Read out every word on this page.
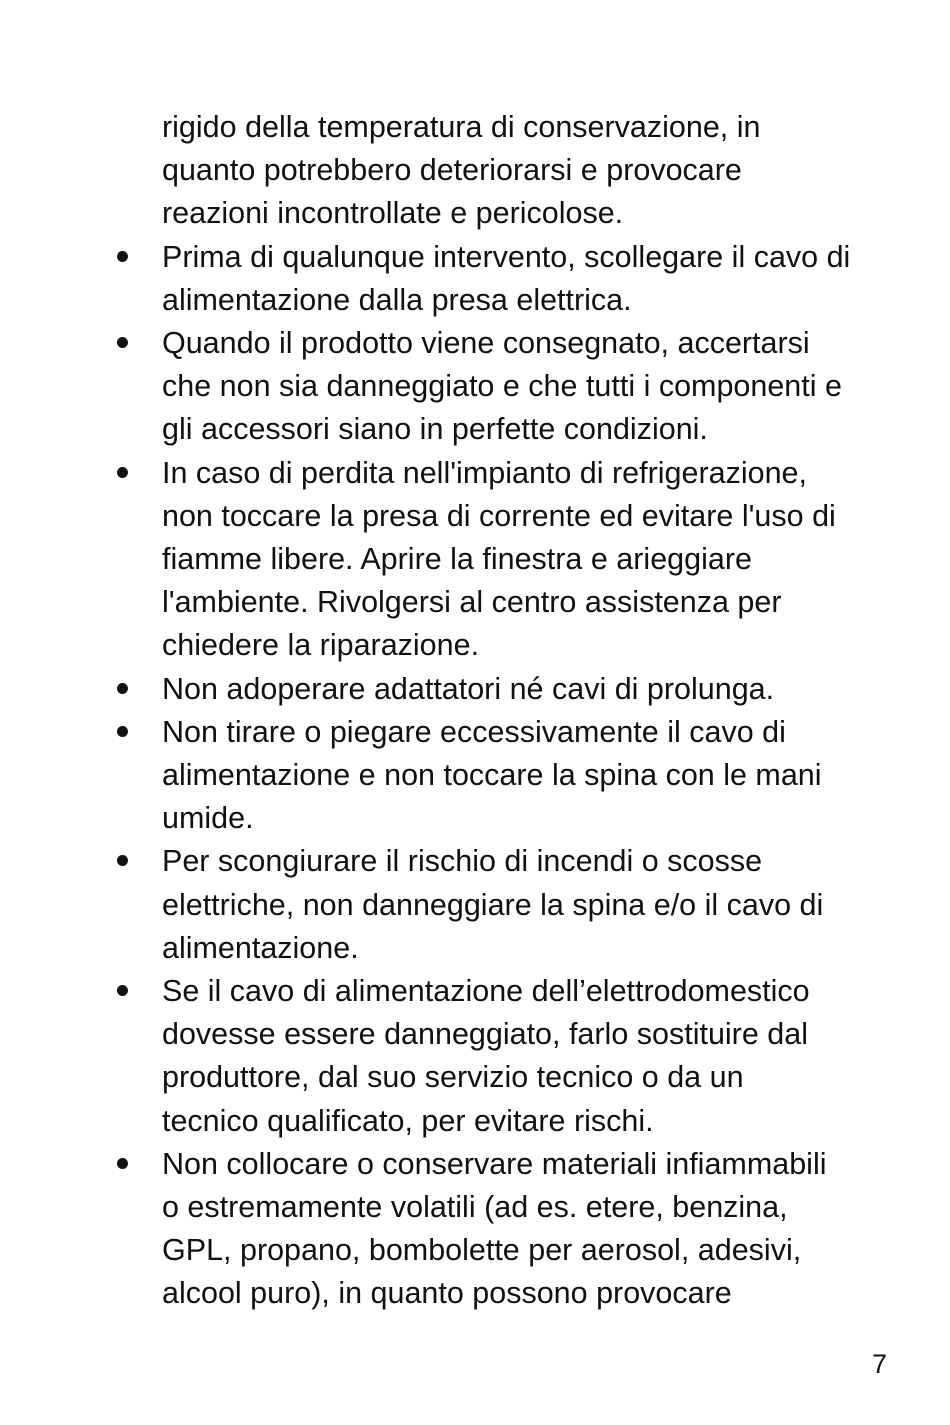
rigido della temperatura di conservazione, in
quanto potrebbero deteriorarsi e provocare
reazioni incontrollate e pericolose.

Prima di qualunque intervento, scollegare il cavo di
alimentazione dalla presa elettrica.
Quando il prodotto viene consegnato, accertarsi
che non sia danneggiato e che tutti i componenti e
gli accessori siano in perfette condizioni.
In caso di perdita nell'impianto di refrigerazione,
non toccare la presa di corrente ed evitare l'uso di
fiamme libere. Aprire la finestra e arieggiare
l'ambiente. Rivolgersi al centro assistenza per
chiedere la riparazione.
Non adoperare adattatori né cavi di prolunga.
Non tirare o piegare eccessivamente il cavo di
alimentazione e non toccare la spina con le mani
umide.
Per scongiurare il rischio di incendi o scosse
elettriche, non danneggiare la spina e/o il cavo di
alimentazione.
Se il cavo di alimentazione dell’elettrodomestico
dovesse essere danneggiato, farlo sostituire dal
produttore, dal suo servizio tecnico o da un
tecnico qualificato, per evitare rischi.
Non collocare o conservare materiali infiammabili
o estremamente volatili (ad es. etere, benzina,
GPL, propano, bombolette per aerosol, adesivi,
alcool puro), in quanto possono provocare
7
